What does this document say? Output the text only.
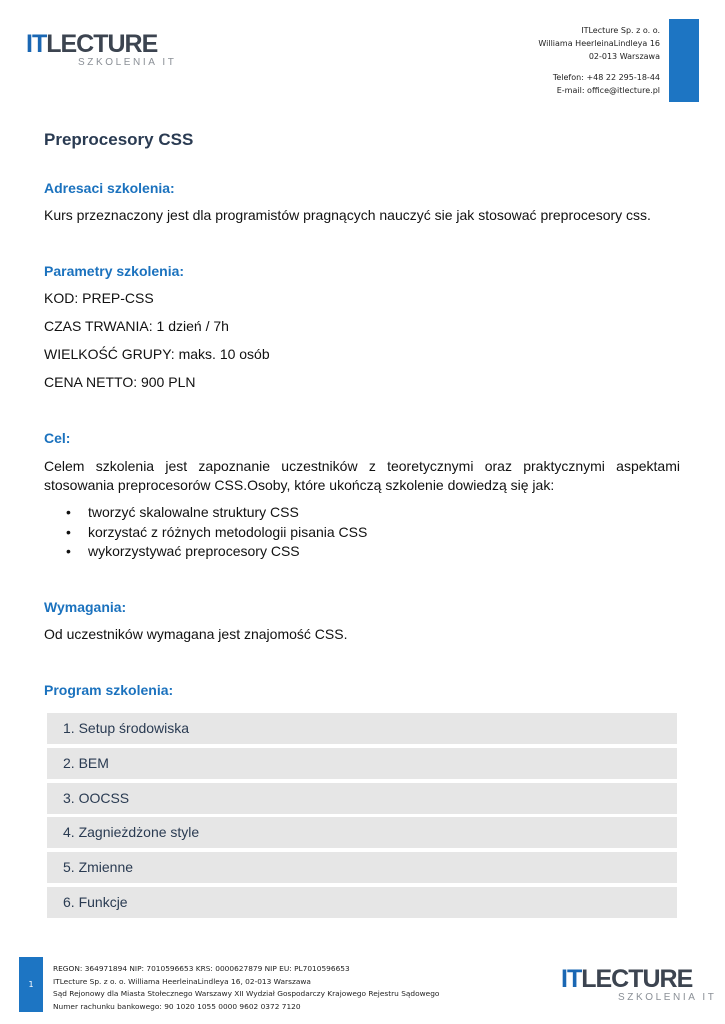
ITLECTURE
SZKOLENIA IT
ITLecture Sp. z o. o.
Williama HeerleinaLindleya 16
02-013 Warszawa
Telefon: +48 22 295-18-44
E-mail: office@itlecture.pl
Preprocesory CSS
Adresaci szkolenia:

Kurs przeznaczony jest dla programistów pragnących nauczyć sie jak stosować preprocesory css.

Parametry szkolenia:

KOD: PREP-CSS

CZAS TRWANIA: 1 dzień / 7h

WIELKOŚĆ GRUPY: maks. 10 osób

CENA NETTO: 900 PLN

Cel:

Celem szkolenia jest zapoznanie uczestników z teoretycznymi oraz praktycznymi aspektami stosowania preprocesorów CSS.Osoby, które ukończą szkolenie dowiedzą się jak:

• tworzyć skalowalne struktury CSS
• korzystać z różnych metodologii pisania CSS
• wykorzystywać preprocesory CSS
Wymagania:

Od uczestników wymagana jest znajomość CSS.

Program szkolenia:
1. Setup środowiska
2. BEM
3. OOCSS
4. Zagnieżdżone style
5. Zmienne
6. Funkcje
1
REGON: 364971894 NIP: 7010596653 KRS: 0000627879 NIP EU: PL7010596653
ITLecture Sp. z o. o. Williama HeerleinaLindleya 16, 02-013 Warszawa
Sąd Rejonowy dla Miasta Stołecznego Warszawy XII Wydział Gospodarczy Krajowego Rejestru Sądowego
Numer rachunku bankowego: 90 1020 1055 0000 9602 0372 7120
ITLECTURE
SZKOLENIA IT
